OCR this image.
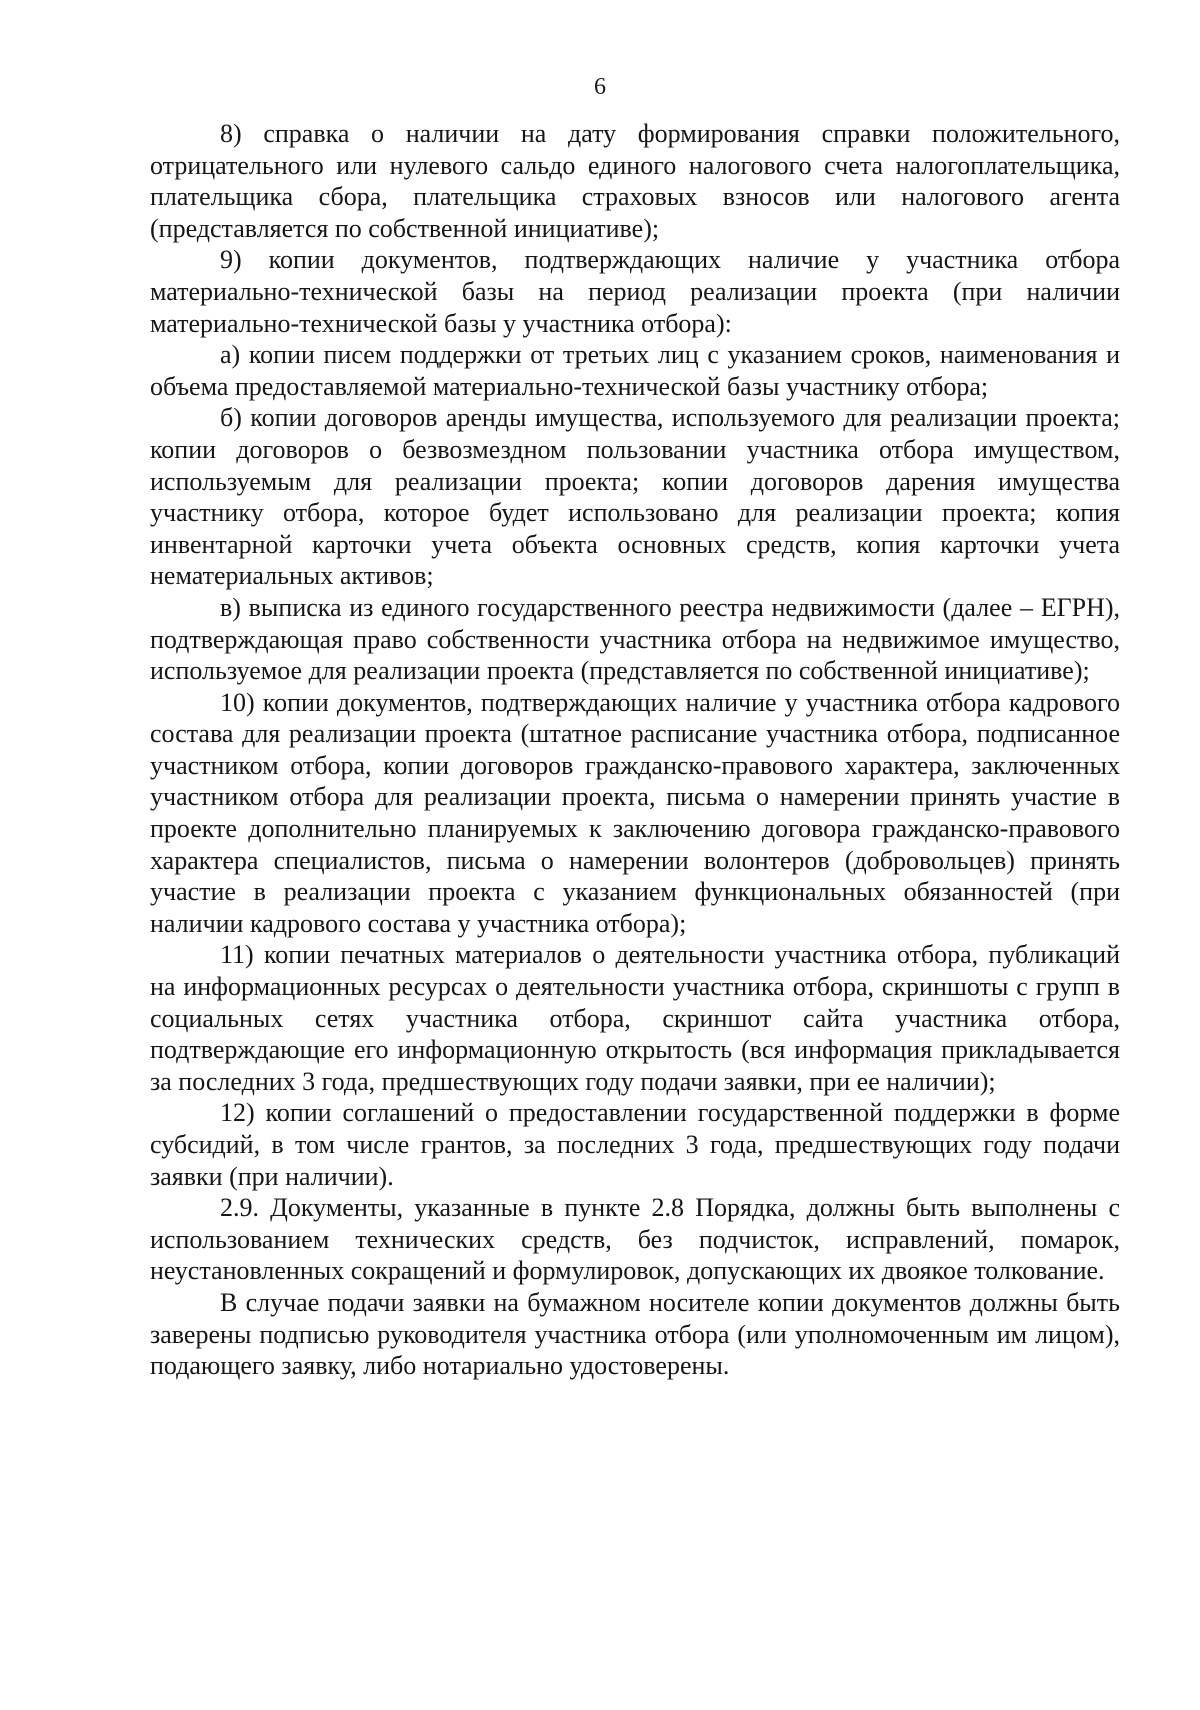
6

8) справка о наличии на дату формирования справки положительного, отрицательного или нулевого сальдо единого налогового счета налогоплательщика, плательщика сбора, плательщика страховых взносов или налогового агента (представляется по собственной инициативе);

9) копии документов, подтверждающих наличие у участника отбора материально-технической базы на период реализации проекта (при наличии материально-технической базы у участника отбора):

а) копии писем поддержки от третьих лиц с указанием сроков, наименования и объема предоставляемой материально-технической базы участнику отбора;

б) копии договоров аренды имущества, используемого для реализации проекта; копии договоров о безвозмездном пользовании участника отбора имуществом, используемым для реализации проекта; копии договоров дарения имущества участнику отбора, которое будет использовано для реализации проекта; копия инвентарной карточки учета объекта основных средств, копия карточки учета нематериальных активов;

в) выписка из единого государственного реестра недвижимости (далее – ЕГРН), подтверждающая право собственности участника отбора на недвижимое имущество, используемое для реализации проекта (представляется по собственной инициативе);

10) копии документов, подтверждающих наличие у участника отбора кадрового состава для реализации проекта (штатное расписание участника отбора, подписанное участником отбора, копии договоров гражданско-правового характера, заключенных участником отбора для реализации проекта, письма о намерении принять участие в проекте дополнительно планируемых к заключению договора гражданско-правового характера специалистов, письма о намерении волонтеров (добровольцев) принять участие в реализации проекта с указанием функциональных обязанностей (при наличии кадрового состава у участника отбора);

11) копии печатных материалов о деятельности участника отбора, публикаций на информационных ресурсах о деятельности участника отбора, скриншоты с групп в социальных сетях участника отбора, скриншот сайта участника отбора, подтверждающие его информационную открытость (вся информация прикладывается за последних 3 года, предшествующих году подачи заявки, при ее наличии);

12) копии соглашений о предоставлении государственной поддержки в форме субсидий, в том числе грантов, за последних 3 года, предшествующих году подачи заявки (при наличии).

2.9. Документы, указанные в пункте 2.8 Порядка, должны быть выполнены с использованием технических средств, без подчисток, исправлений, помарок, неустановленных сокращений и формулировок, допускающих их двоякое толкование.

В случае подачи заявки на бумажном носителе копии документов должны быть заверены подписью руководителя участника отбора (или уполномоченным им лицом), подающего заявку, либо нотариально удостоверены.
